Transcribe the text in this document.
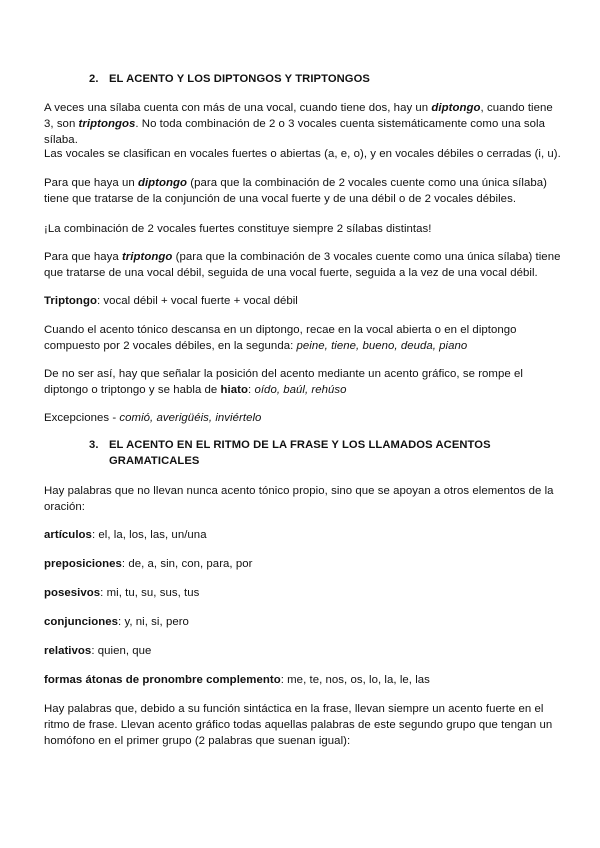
2. EL ACENTO Y LOS DIPTONGOS Y TRIPTONGOS
A veces una sílaba cuenta con más de una vocal, cuando tiene dos, hay un diptongo, cuando tiene 3, son triptongos. No toda combinación de 2 o 3 vocales cuenta sistemáticamente como una sola sílaba.
Las vocales se clasifican en vocales fuertes o abiertas (a, e, o), y en vocales débiles o cerradas (i, u).
Para que haya un diptongo (para que la combinación de 2 vocales cuente como una única sílaba) tiene que tratarse de la conjunción de una vocal fuerte y de una débil o de 2 vocales débiles.
¡La combinación de 2 vocales fuertes constituye siempre 2 sílabas distintas!
Para que haya triptongo (para que la combinación de 3 vocales cuente como una única sílaba) tiene que tratarse de una vocal débil, seguida de una vocal fuerte, seguida a la vez de una vocal débil.
Triptongo: vocal débil + vocal fuerte + vocal débil
Cuando el acento tónico descansa en un diptongo, recae en la vocal abierta o en el diptongo compuesto por 2 vocales débiles, en la segunda: peine, tiene, bueno, deuda, piano
De no ser así, hay que señalar la posición del acento mediante un acento gráfico, se rompe el diptongo o triptongo y se habla de hiato: oído, baúl, rehúso
Excepciones - comió, averigüéis, inviértelo
3. EL ACENTO EN EL RITMO DE LA FRASE Y LOS LLAMADOS ACENTOS
GRAMATICALES
Hay palabras que no llevan nunca acento tónico propio, sino que se apoyan a otros elementos de la oración:
artículos: el, la, los, las, un/una
preposiciones: de, a, sin, con, para, por
posesivos: mi, tu, su, sus, tus
conjunciones: y, ni, si, pero
relativos: quien, que
formas átonas de pronombre complemento: me, te, nos, os, lo, la, le, las
Hay palabras que, debido a su función sintáctica en la frase, llevan siempre un acento fuerte en el ritmo de frase. Llevan acento gráfico todas aquellas palabras de este segundo grupo que tengan un homófono en el primer grupo (2 palabras que suenan igual):
